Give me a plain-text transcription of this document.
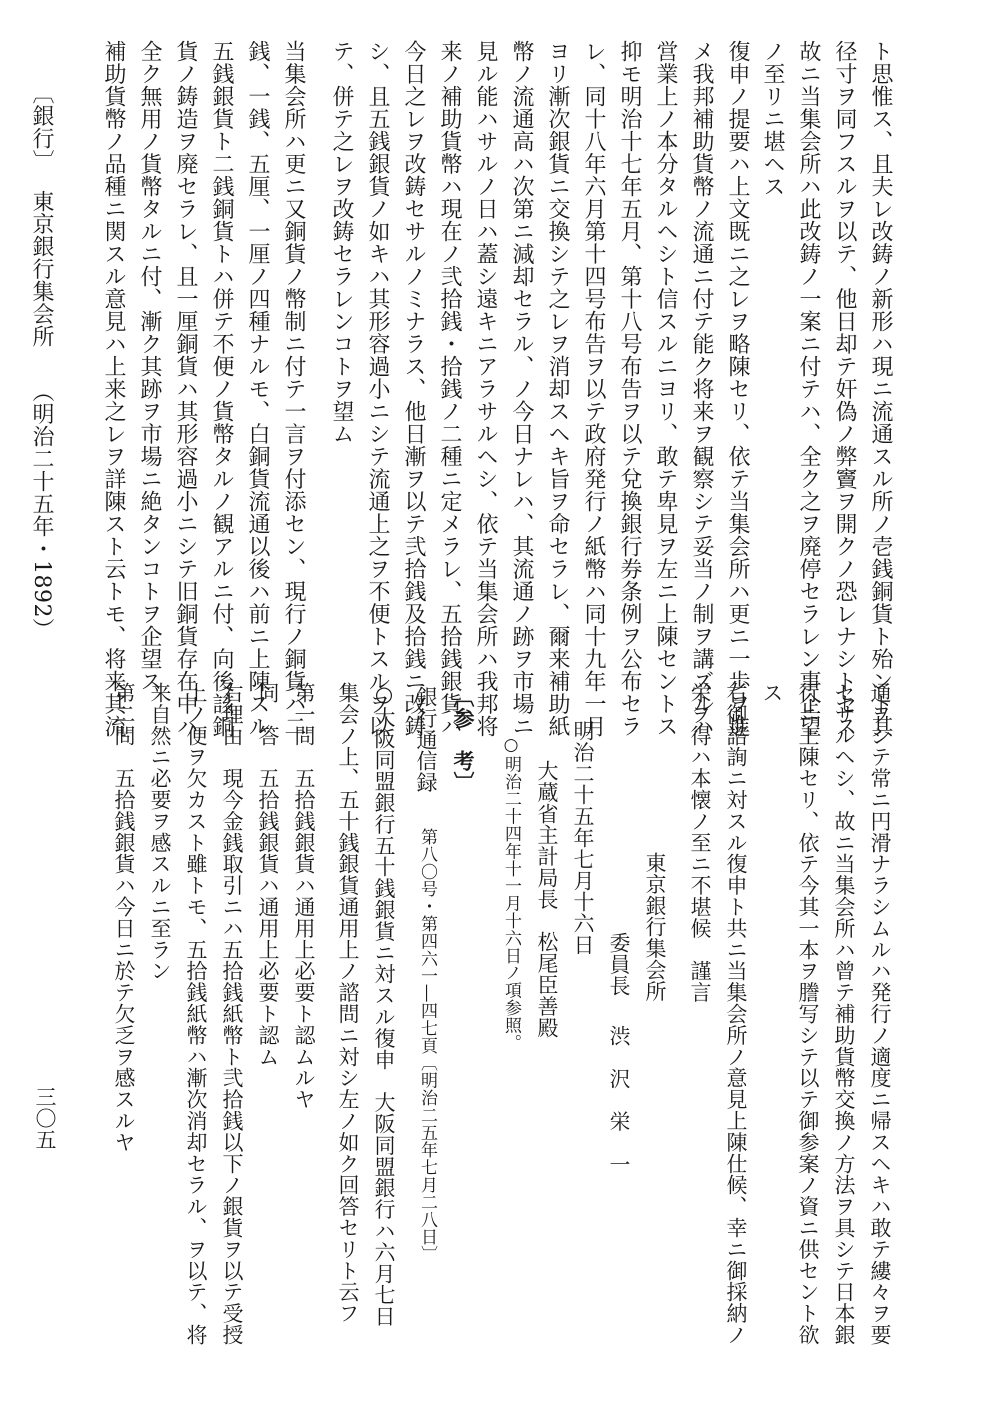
ト思惟ス、且夫レ改鋳ノ新形ハ現ニ流通スル所ノ壱銭銅貨ト殆ント其
径寸ヲ同フスルヲ以テ、他日却テ奸偽ノ弊竇ヲ開クノ恐レナシトセス
故ニ当集会所ハ此改鋳ノ一案ニ付テハ、全ク之ヲ廃停セラレン事企望
ノ至リニ堪ヘス
復申ノ提要ハ上文既ニ之レヲ略陳セリ、依テ当集会所ハ更ニ一歩ヲ進
メ我邦補助貨幣ノ流通ニ付テ能ク将来ヲ観察シテ妥当ノ制ヲ講ズルハ
営業上ノ本分タルヘシト信スルニヨリ、敢テ卑見ヲ左ニ上陳セントス
抑モ明治十七年五月、第十八号布告ヲ以テ兌換銀行券条例ヲ公布セラ
レ、同十八年六月第十四号布告ヲ以テ政府発行ノ紙幣ハ同十九年一月
ヨリ漸次銀貨ニ交換シテ之レヲ消却スヘキ旨ヲ命セラレ、爾来補助紙
幣ノ流通高ハ次第ニ減却セラル、ノ今日ナレハ、其流通ノ跡ヲ市場ニ
見ル能ハサルノ日ハ蓋シ遠キニアラサルヘシ、依テ当集会所ハ我邦将
来ノ補助貨幣ハ現在ノ弐拾銭・拾銭ノ二種ニ定メラレ、五拾銭銀貨ハ
今日之レヲ改鋳セサルノミナラス、他日漸ヲ以テ弐拾銭及拾銭ニ改鋳
シ、且五銭銀貨ノ如キハ其形容過小ニシテ流通上之ヲ不便トスルヲ以
テ、併テ之レヲ改鋳セラレンコトヲ望ム
当集会所ハ更ニ又銅貨ノ幣制ニ付テ一言ヲ付添セン、現行ノ銅貨ハ二
銭、一銭、五厘、一厘ノ四種ナルモ、白銅貨流通以後ハ前ニ上陳スル
五銭銀貨ト二銭銅貨トハ併テ不便ノ貨幣タルノ観アルニ付、向後該銅
貨ノ鋳造ヲ廃セラレ、且一厘銅貨ハ其形容過小ニシテ旧銅貨存在中ハ
全ク無用ノ貨幣タルニ付、漸ク其跡ヲ市場ニ絶タンコトヲ企望ス
補助貨幣ノ品種ニ関スル意見ハ上来之レヲ詳陳スト云トモ、将来其流
〔銀行〕
東京銀行集会所
（明治二十五年・1892）
通ヲシテ常ニ円滑ナラシムルハ発行ノ適度ニ帰スヘキハ敢テ縷々ヲ要
セサルヘシ、故ニ当集会所ハ曾テ補助貨幣交換ノ方法ヲ具シテ日本銀
行ニ上陳セリ、依テ今其一本ヲ謄写シテ以テ御参案ノ資ニ供セント欲
ス
右御諮詢ニ対スル復申ト共ニ当集会所ノ意見上陳仕候、幸ニ御採納ノ
栄ヲ得ハ本懐ノ至ニ不堪候　謹言
東京銀行集会所
委員長
渋　沢　栄　一
明治二十五年七月十六日
大蔵省主計局長　松尾臣善殿
○明治二十四年十一月十六日ノ項参照。
〔参　考〕
銀行通信録
第八〇号・第四六一―四七頁〔明治二五年七月二八日〕
○大阪同盟銀行五十銭銀貨ニ対スル復申　大阪同盟銀行ハ六月七日
集会ノ上、五十銭銀貨通用上ノ諮問ニ対シ左ノ如ク回答セリト云フ
第一問　五拾銭銀貨ハ通用上必要ト認ムルヤ
同　答　五拾銭銀貨ハ通用上必要ト認ム
右理由　現今金銭取引ニハ五拾銭紙幣ト弐拾銭以下ノ銀貨ヲ以テ受授
上ノ便ヲ欠カスト雖トモ、五拾銭紙幣ハ漸次消却セラル、ヲ以テ、将
来自然ニ必要ヲ感スルニ至ラン
第二問　五拾銭銀貨ハ今日ニ於テ欠乏ヲ感スルヤ
三〇五
